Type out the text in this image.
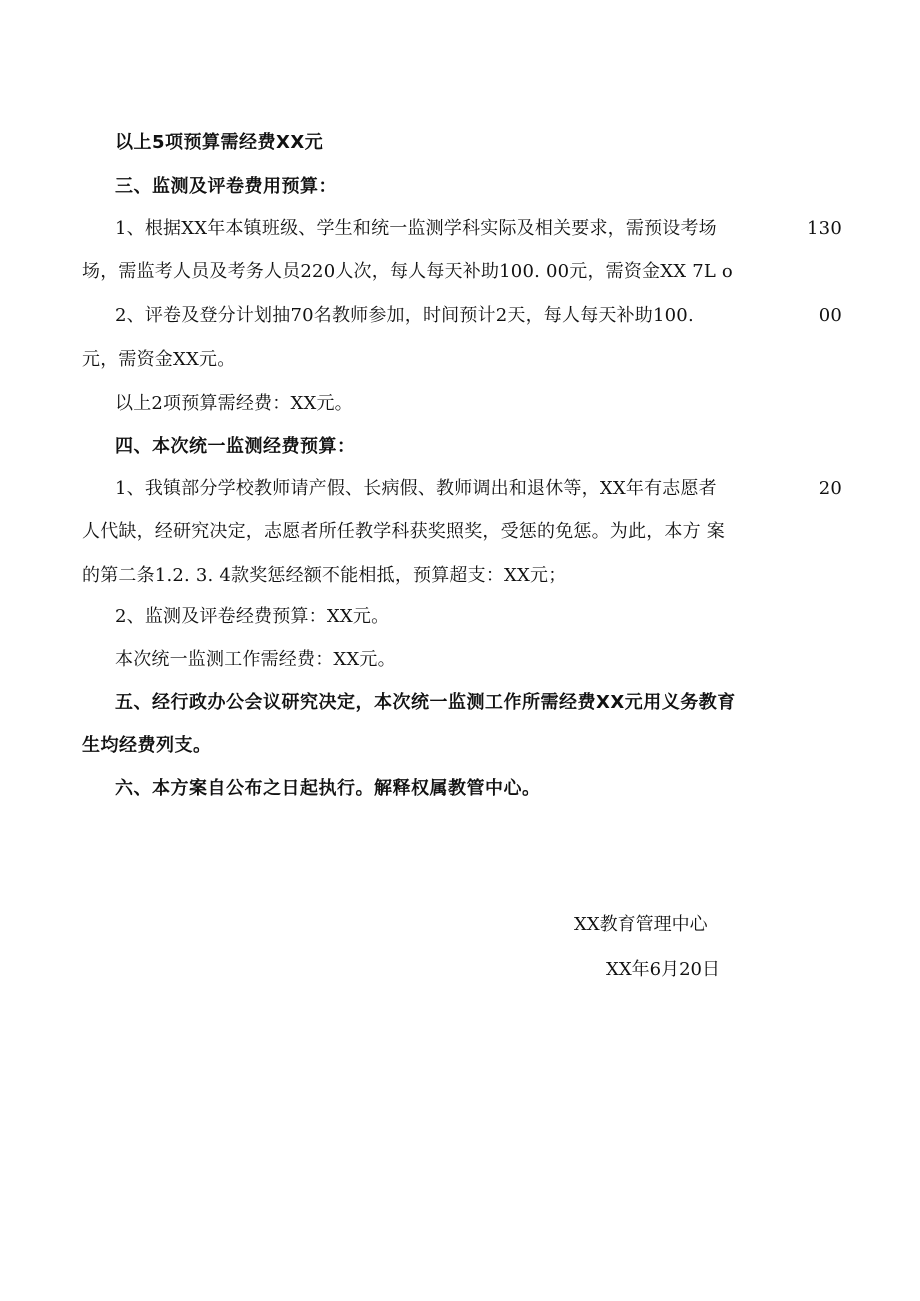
以上5项预算需经费XX元
三、监测及评卷费用预算：
1、根据XX年本镇班级、学生和统一监测学科实际及相关要求，需预设考场	130
场，需监考人员及考务人员220人次，每人每天补助100. 00元，需资金XX 7L o
2、评卷及登分计划抽70名教师参加，时间预计2天，每人每天补助100.	00
元，需资金XX元。
以上2项预算需经费：XX元。
四、本次统一监测经费预算：
1、我镇部分学校教师请产假、长病假、教师调出和退休等，XX年有志愿者	20
人代缺，经研究决定，志愿者所任教学科获奖照奖，受惩的免惩。为此，本方 案
的第二条1.2. 3. 4款奖惩经额不能相抵，预算超支：XX元；
2、监测及评卷经费预算：XX元。
本次统一监测工作需经费：XX元。
五、经行政办公会议研究决定，本次统一监测工作所需经费XX元用义务教育
生均经费列支。
六、本方案自公布之日起执行。解释权属教管中心。
XX教育管理中心
XX年6月20日
